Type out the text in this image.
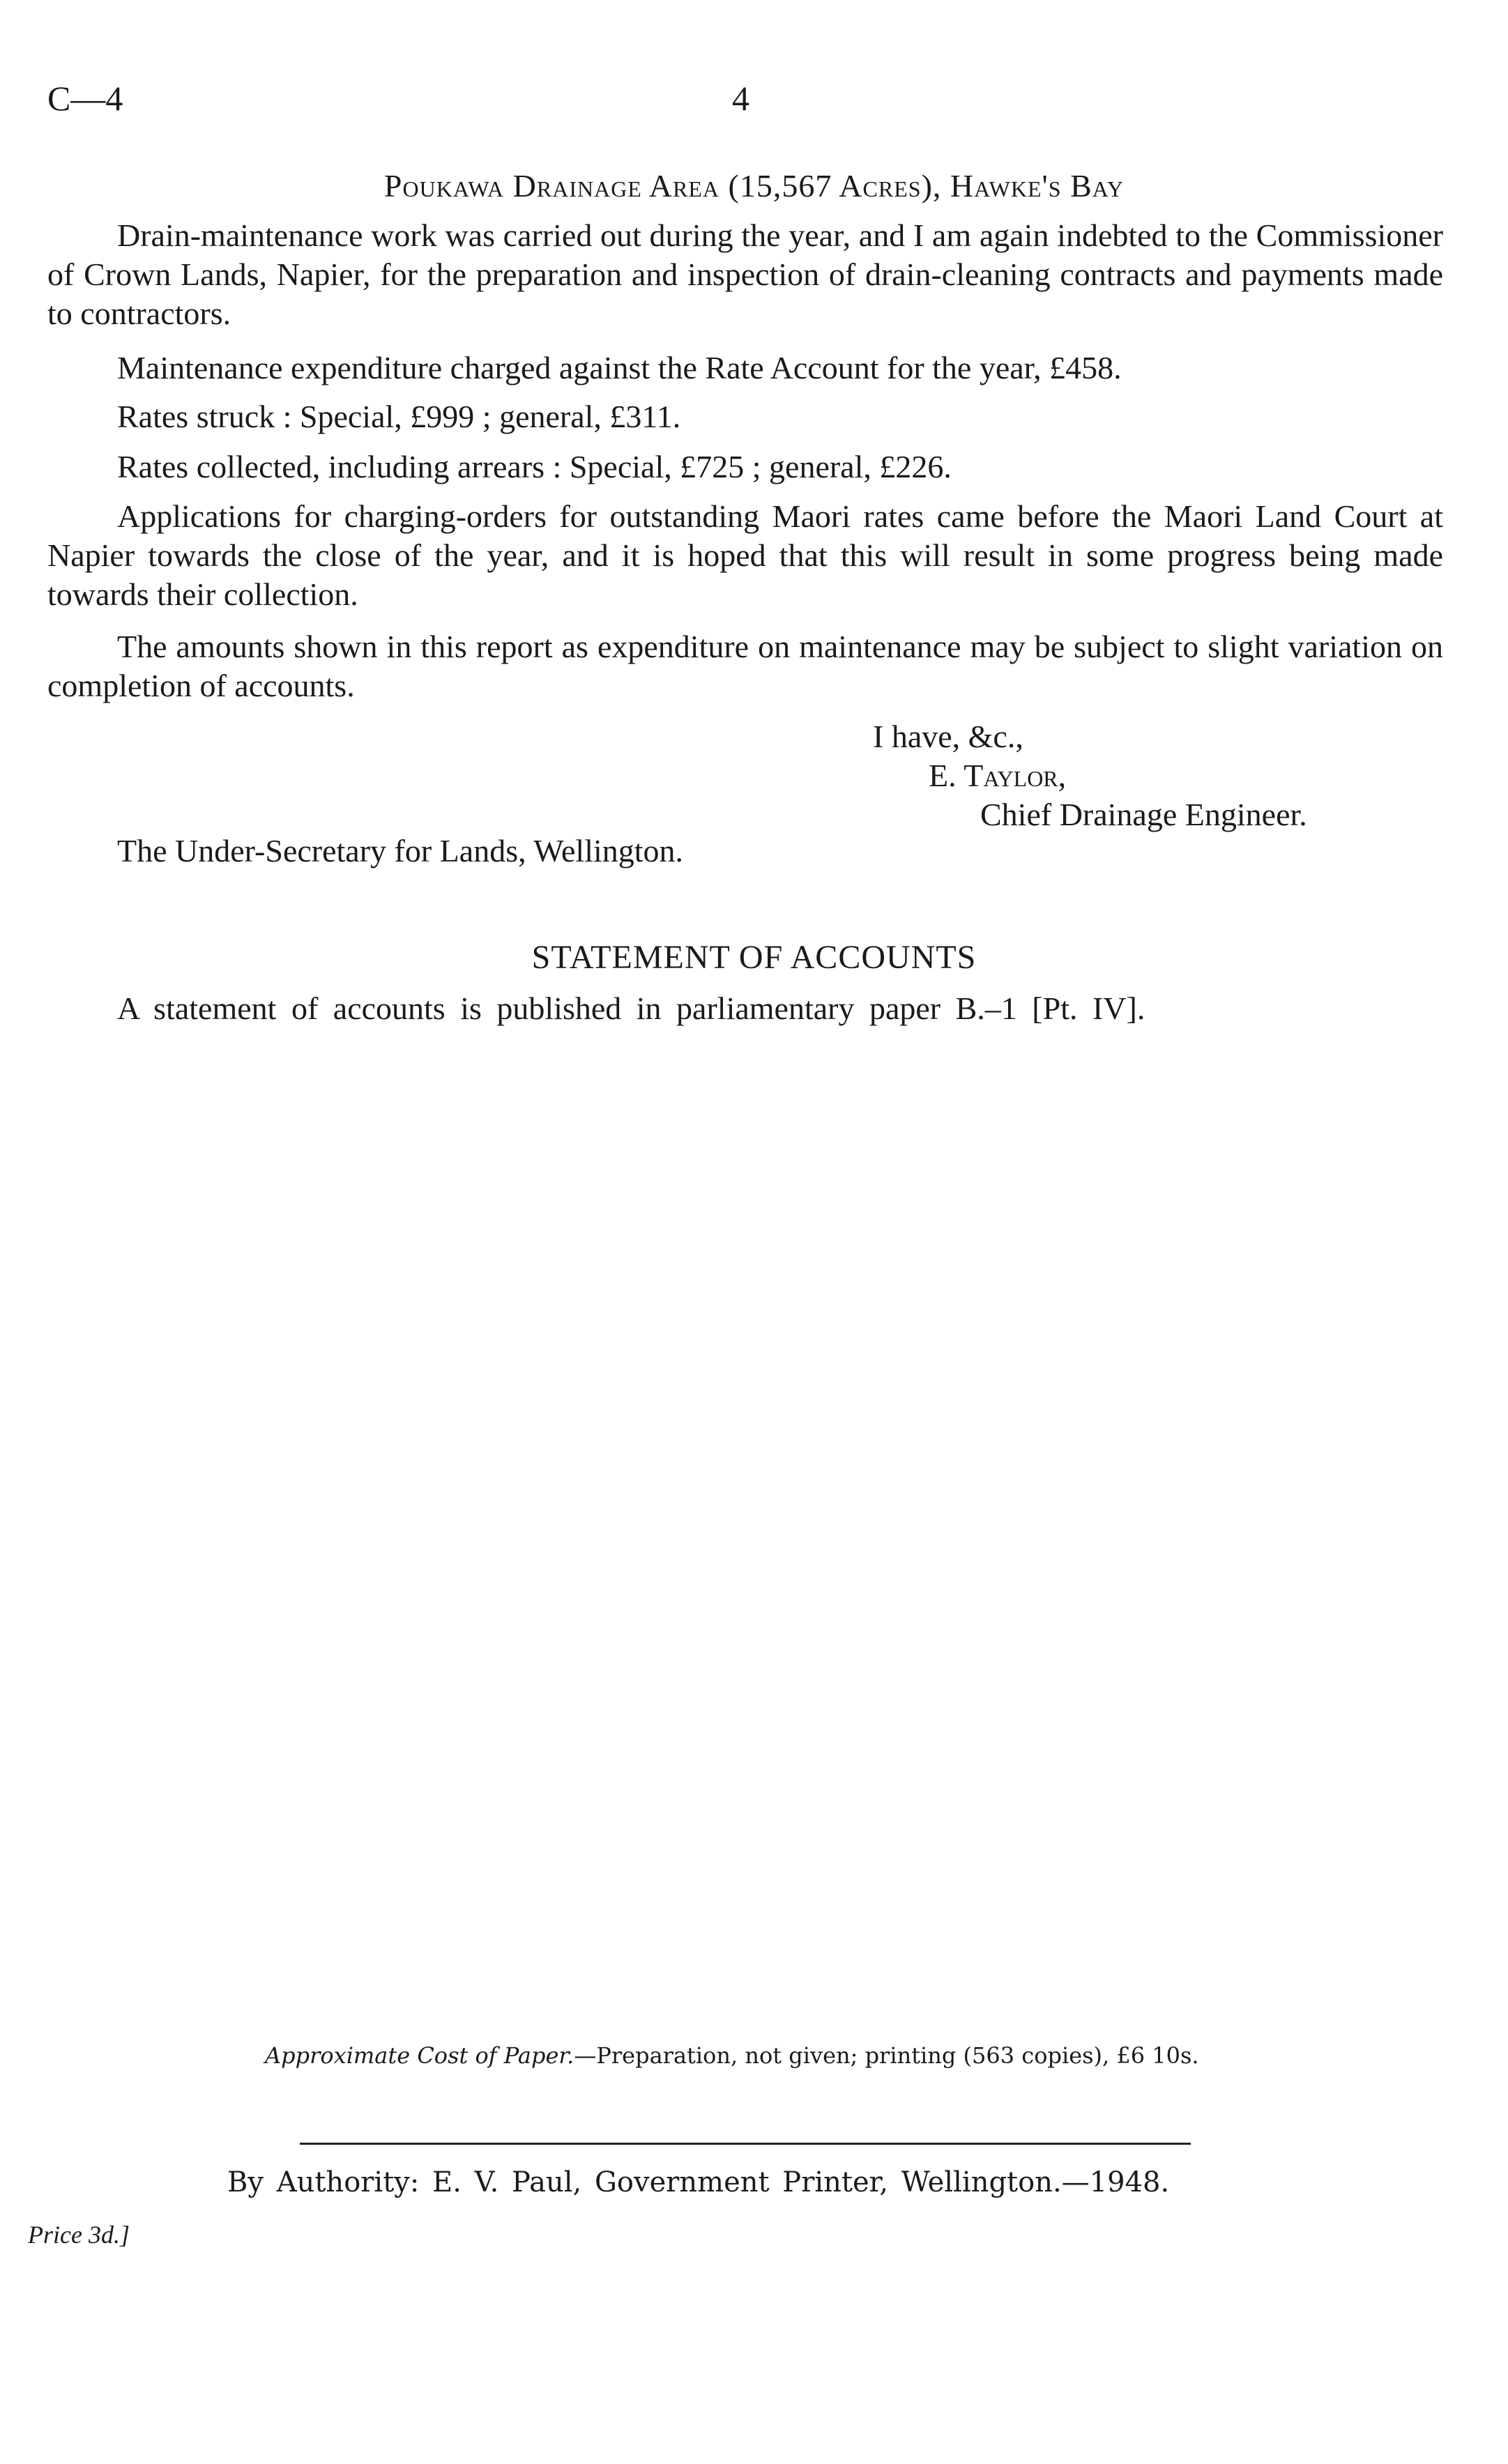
C—4	4
Poukawa Drainage Area (15,567 Acres), Hawke's Bay

Drain-maintenance work was carried out during the year, and I am again indebted to the Commissioner of Crown Lands, Napier, for the preparation and inspection of drain-cleaning contracts and payments made to contractors.

Maintenance expenditure charged against the Rate Account for the year, £458.

Rates struck : Special, £999 ; general, £311.

Rates collected, including arrears : Special, £725 ; general, £226.

Applications for charging-orders for outstanding Maori rates came before the Maori Land Court at Napier towards the close of the year, and it is hoped that this will result in some progress being made towards their collection.

The amounts shown in this report as expenditure on maintenance may be subject to slight variation on completion of accounts.

I have, &c.,
E. Taylor,
Chief Drainage Engineer.
The Under-Secretary for Lands, Wellington.
STATEMENT OF ACCOUNTS
A statement of accounts is published in parliamentary paper B.–1 [Pt. IV].
Approximate Cost of Paper.—Preparation, not given; printing (563 copies), £6 10s.
By Authority: E. V. Paul, Government Printer, Wellington.—1948.
Price 3d.]
